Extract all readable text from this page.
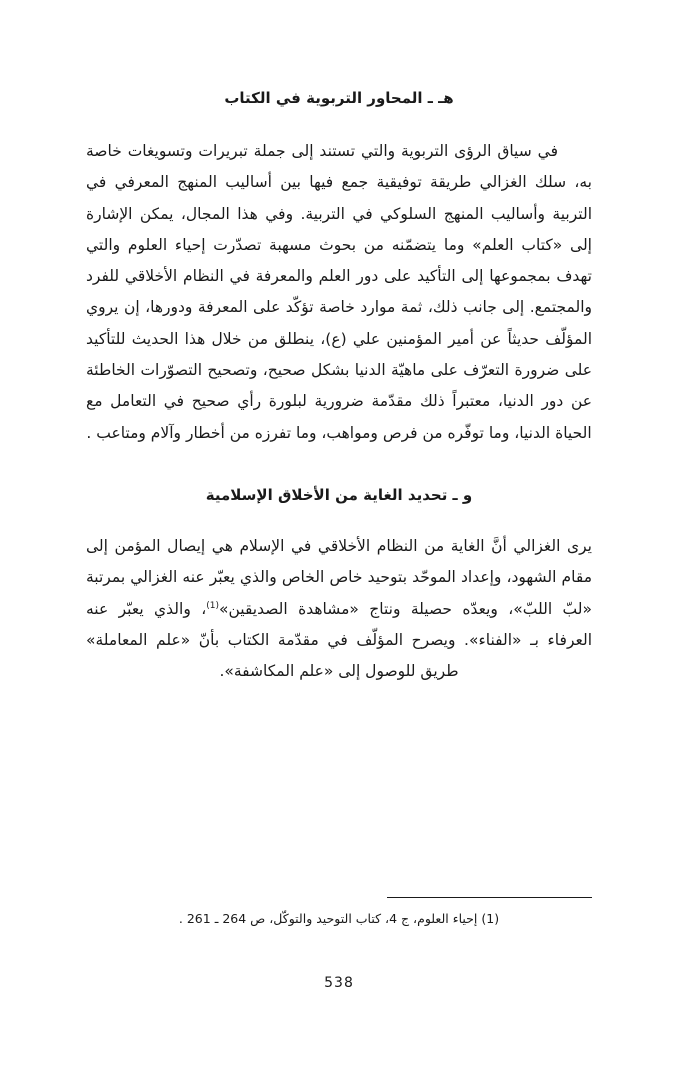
هـ ـ المحاور التربوية في الكتاب

في سياق الرؤى التربوية والتي تستند إلى جملة تبريرات وتسويغات خاصة به، سلك الغزالي طريقة توفيقية جمع فيها بين أساليب المنهج المعرفي في التربية وأساليب المنهج السلوكي في التربية. وفي هذا المجال، يمكن الإشارة إلى «كتاب العلم» وما يتضمّنه من بحوث مسهبة تصدّرت إحياء العلوم والتي تهدف بمجموعها إلى التأكيد على دور العلم والمعرفة في النظام الأخلاقي للفرد والمجتمع. إلى جانب ذلك، ثمة موارد خاصة تؤكّد على المعرفة ودورها، إن يروي المؤلّف حديثاً عن أمير المؤمنين علي (ع)، ينطلق من خلال هذا الحديث للتأكيد على ضرورة التعرّف على ماهيّة الدنيا بشكل صحيح، وتصحيح التصوّرات الخاطئة عن دور الدنيا، معتبراً ذلك مقدّمة ضرورية لبلورة رأي صحيح في التعامل مع الحياة الدنيا، وما توفّره من فرص ومواهب، وما تفرزه من أخطار وآلام ومتاعب .

و ـ تحديد الغاية من الأخلاق الإسلامية

يرى الغزالي أنَّ الغاية من النظام الأخلاقي في الإسلام هي إيصال المؤمن إلى مقام الشهود، وإعداد الموحّد بتوحيد خاص الخاص والذي يعبّر عنه الغزالي بمرتبة «لبّ اللبّ»، ويعدّه حصيلة ونتاج «مشاهدة الصديقين»$^{(1)}$، والذي يعبّر عنه العرفاء بـ «الفناء». ويصرح المؤلّف في مقدّمة الكتاب بأنّ «علم المعاملة» طريق للوصول إلى «علم المكاشفة».

(1) إحياء العلوم، ج 4، كتاب التوحيد والتوكّل، ص 264 ـ 261 .
538
